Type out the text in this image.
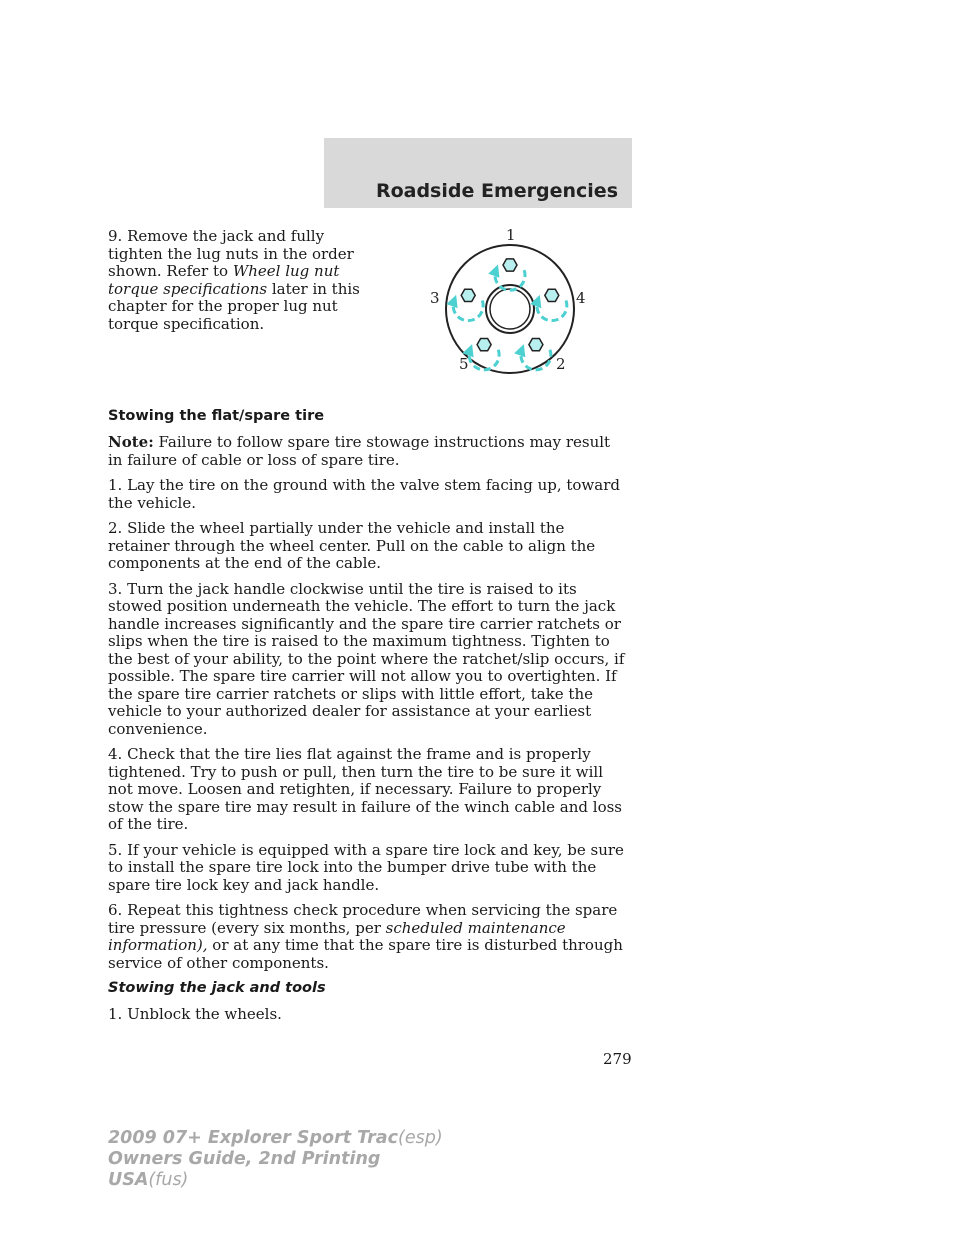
Roadside Emergencies

9. Remove the jack and fully tighten the lug nuts in the order shown. Refer to Wheel lug nut torque specifications later in this chapter for the proper lug nut torque specification.

1
2
3	4
5
Stowing the flat/spare tire

Note: Failure to follow spare tire stowage instructions may result in failure of cable or loss of spare tire.

1. Lay the tire on the ground with the valve stem facing up, toward the vehicle.

2. Slide the wheel partially under the vehicle and install the retainer through the wheel center. Pull on the cable to align the components at the end of the cable.

3. Turn the jack handle clockwise until the tire is raised to its stowed position underneath the vehicle. The effort to turn the jack handle increases significantly and the spare tire carrier ratchets or slips when the tire is raised to the maximum tightness. Tighten to the best of your ability, to the point where the ratchet/slip occurs, if possible. The spare tire carrier will not allow you to overtighten. If the spare tire carrier ratchets or slips with little effort, take the vehicle to your authorized dealer for assistance at your earliest convenience.

4. Check that the tire lies flat against the frame and is properly tightened. Try to push or pull, then turn the tire to be sure it will not move. Loosen and retighten, if necessary. Failure to properly stow the spare tire may result in failure of the winch cable and loss of the tire.

5. If your vehicle is equipped with a spare tire lock and key, be sure to install the spare tire lock into the bumper drive tube with the spare tire lock key and jack handle.

6. Repeat this tightness check procedure when servicing the spare tire pressure (every six months, per scheduled maintenance information), or at any time that the spare tire is disturbed through service of other components.

Stowing the jack and tools

1. Unblock the wheels.

279
2009 07+ Explorer Sport Trac(esp)
Owners Guide, 2nd Printing
USA(fus)
